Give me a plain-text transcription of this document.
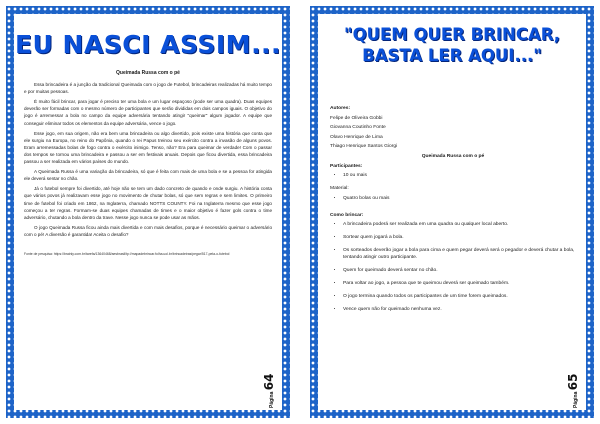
EU NASCI ASSIM...

Queimada Russa com o pé

Essa brincadeira é a junção da tradicional Queimada com o jogo de Futebol, brincadeiras realizadas há muito tempo e por muitas pessoas.

É muito fácil brincar, para jogar é preciso ter uma bola e um lugar espaçoso (pode ser uma quadra). Duas equipes deverão ser formadas com o mesmo número de participantes que serão divididas em dois campos iguais. O objetivo do jogo é arremessar a bola no campo da equipe adversária tentando atingir "queimar" algum jogador. A equipe que conseguir eliminar todos os elementos da equipe adversária, vence o jogo.

Esse jogo, em sua origem, não era bem uma brincadeira ou algo divertido, pois existe uma história que conta que ele surgiu na Europa, no reino do Papônia, quando o rei Papus treinou seu exército contra a invasão de alguns povos. Eram arremessadas bolas de fogo contra o exército inimigo. Tenso, não? Era para queimar de verdade! Com o passar dos tempos se tornou uma brincadeira e passou a ser em festivais anuais. Depois que ficou divertida, essa brincadeira passou a ser realizada em vários países do mundo.

A Queimada Russa é uma variação da brincadeira, só que é feita com mais de uma bola e se a pessoa for atingida ele deverá sentar no chão.

Já o futebol sempre foi divertido, até hoje não se tem um dado concreto de quando e onde surgiu. A história conta que vários povos já realizavam esse jogo no movimento de chutar bolas, só que sem regras e sem limites. O primeiro time de futebol foi criado em 1862, na Inglaterra, chamado NOTTS COUNTY. Foi na Inglaterra mesmo que esse jogo começou a ter regras. Formam-se duas equipes chamadas de times e o maior objetivo é fazer gols contra o time adversário, chutando a bola dentro da trave. Nesse jogo nunca se pode usar as mãos.

O jogo Queimada Russa ficou ainda mais divertida e com mais desafios, porque é necessário queimar o adversário com o pé! A diversão é garantida! Aceita o desafio?

Fonte de pesquisa: https://brainly.com.br/tarefa/13640468/aesbrasil/tp://mapadebrincar.folha.uol.br/brincadeiras/pegar/517-pela-o-futebol

Página 64
"QUEM QUER BRINCAR, BASTA LER AQUI..."
Autores:
Felipe de Oliveira Gobbi
Giovanna Coutinho Fonte
Olavo Henrique de Lima
Thiago Henrique Santos Giorgi
Queimada Russa com o pé
Participantes:
• 10 ou mais
Material:
• Quatro bolas ou mais
Como brincar:
• A brincadeira poderá ser realizada em uma quadra ou qualquer local aberto.
• Sortear quem jogará a bola.
• Os sorteados deverão jogar a bola para cima e quem pegar deverá será o pegador e deverá chutar a bola, tentando atingir outro participante.
• Quem for queimado deverá sentar no chão.
• Para voltar ao jogo, a pessoa que te queimou deverá ser queimado também.
• O jogo termina quando todos os participantes de um time forem queimados.
• Vence quem não for queimado nenhuma vez.
Página 65
